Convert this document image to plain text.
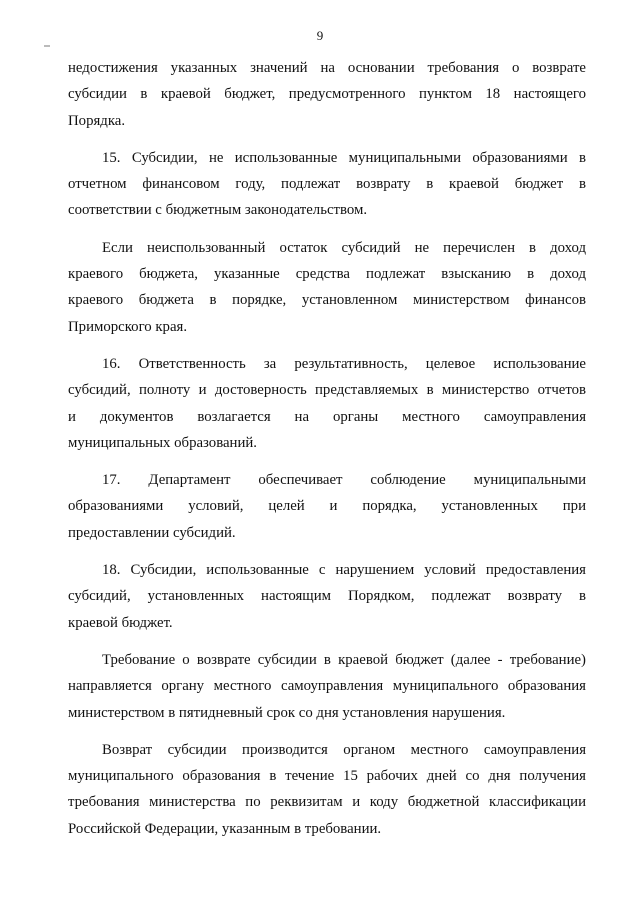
9
недостижения указанных значений на основании требования о возврате
субсидии в краевой бюджет, предусмотренного пунктом 18 настоящего
Порядка.
15. Субсидии, не использованные муниципальными образованиями в
отчетном финансовом году, подлежат возврату в краевой бюджет в
соответствии с бюджетным законодательством.
Если неиспользованный остаток субсидий не перечислен в доход
краевого бюджета, указанные средства подлежат взысканию в доход
краевого бюджета в порядке, установленном министерством финансов
Приморского края.
16. Ответственность за результативность, целевое использование
субсидий, полноту и достоверность представляемых в министерство отчетов
и документов возлагается на органы местного самоуправления
муниципальных образований.
17. Департамент обеспечивает соблюдение муниципальными
образованиями условий, целей и порядка, установленных при
предоставлении субсидий.
18. Субсидии, использованные с нарушением условий предоставления
субсидий, установленных настоящим Порядком, подлежат возврату в
краевой бюджет.
Требование о возврате субсидии в краевой бюджет (далее - требование)
направляется органу местного самоуправления муниципального образования
министерством в пятидневный срок со дня установления нарушения.
Возврат субсидии производится органом местного самоуправления
муниципального образования в течение 15 рабочих дней со дня получения
требования министерства по реквизитам и коду бюджетной классификации
Российской Федерации, указанным в требовании.
